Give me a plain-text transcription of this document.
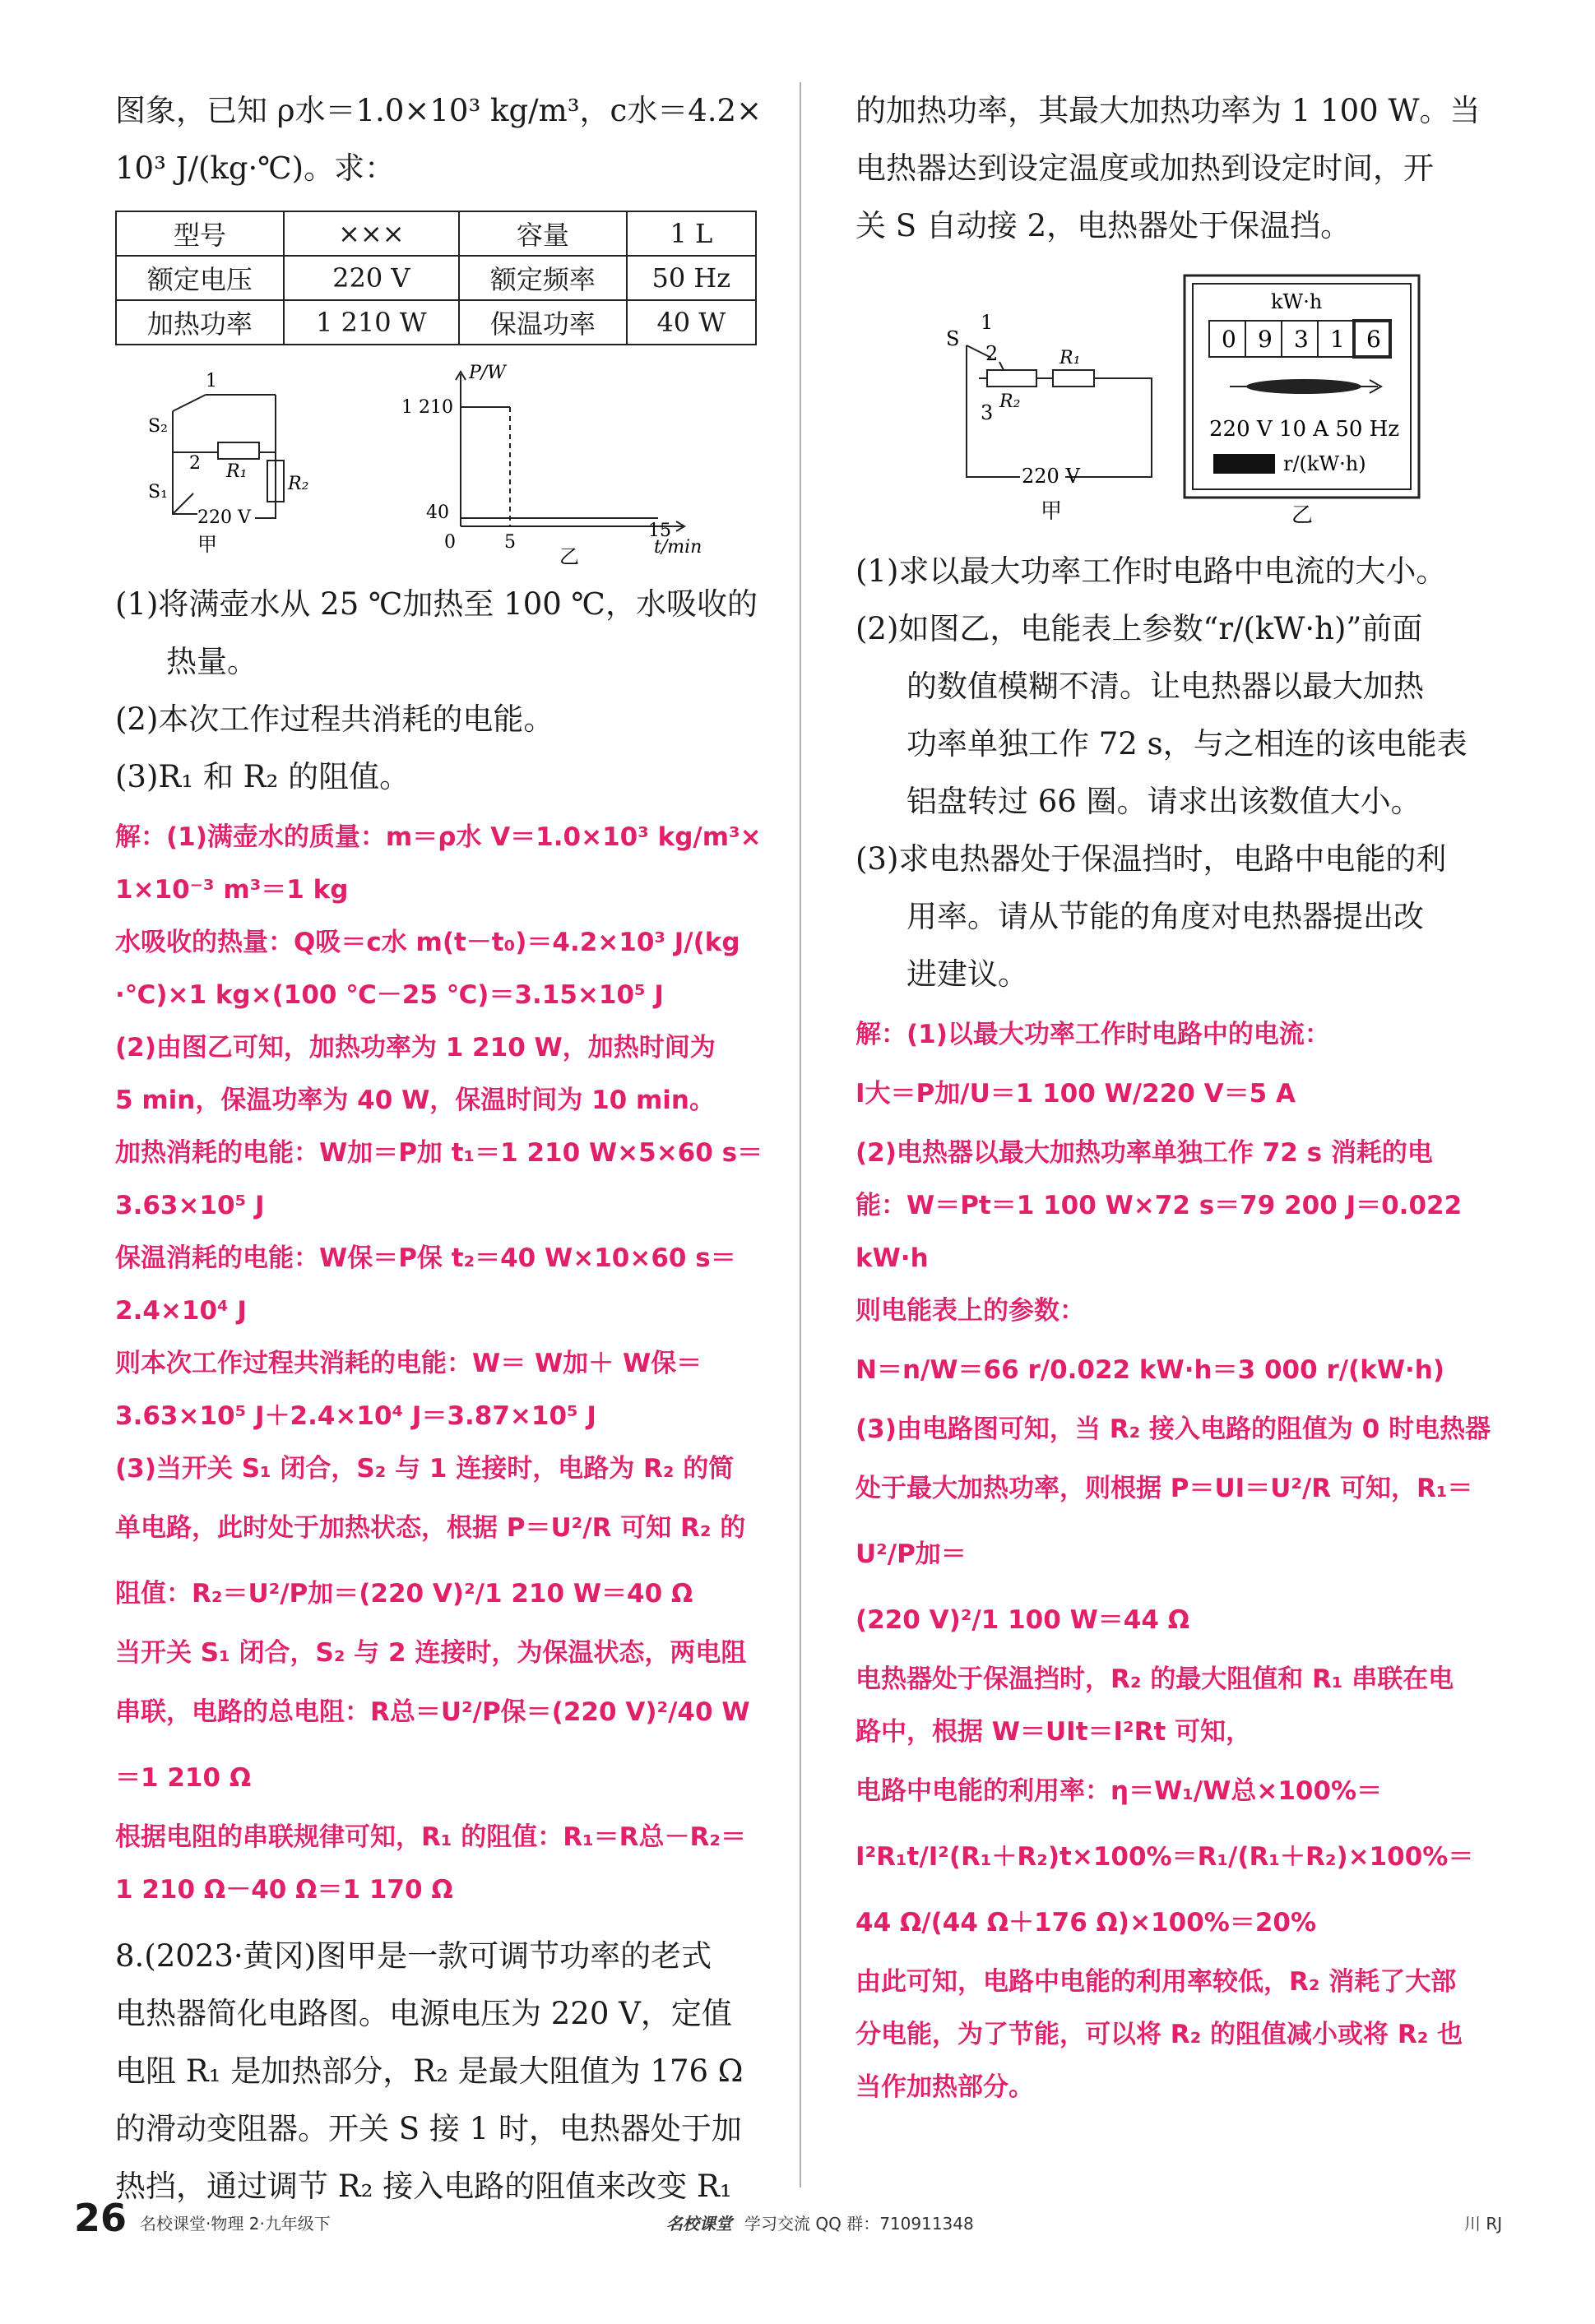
图象，已知 ρ水＝1.0×10³ kg/m³，c水＝4.2×

10³ J/(kg·℃)。求：

型号	×××	容量	1 L
额定电压	220 V	额定频率	50 Hz
加热功率	1 210 W	保温功率	40 W
1
2
S₂
S₁
R₁
R₂
220 V
甲
P/W
t/min
1 210
40
0	5
15
乙

(1)将满壶水从 25 ℃加热至 100 ℃，水吸收的

热量。

(2)本次工作过程共消耗的电能。

(3)R₁ 和 R₂ 的阻值。

解：(1)满壶水的质量：m＝ρ水 V＝1.0×10³ kg/m³×

1×10⁻³ m³＝1 kg

水吸收的热量：Q吸＝c水 m(t－t₀)＝4.2×10³ J/(kg

·℃)×1 kg×(100 ℃－25 ℃)＝3.15×10⁵ J

(2)由图乙可知，加热功率为 1 210 W，加热时间为

5 min，保温功率为 40 W，保温时间为 10 min。

加热消耗的电能：W加＝P加 t₁＝1 210 W×5×60 s＝

3.63×10⁵ J

保温消耗的电能：W保＝P保 t₂＝40 W×10×60 s＝

2.4×10⁴ J

则本次工作过程共消耗的电能：W＝ W加＋ W保＝

3.63×10⁵ J＋2.4×10⁴ J＝3.87×10⁵ J

(3)当开关 S₁ 闭合，S₂ 与 1 连接时，电路为 R₂ 的简

单电路，此时处于加热状态，根据 P＝U²/R 可知 R₂ 的

阻值：R₂＝U²/P加＝(220 V)²/1 210 W＝40 Ω

当开关 S₁ 闭合，S₂ 与 2 连接时，为保温状态，两电阻

串联，电路的总电阻：R总＝U²/P保＝(220 V)²/40 W＝1 210 Ω

根据电阻的串联规律可知，R₁ 的阻值：R₁＝R总－R₂＝

1 210 Ω－40 Ω＝1 170 Ω

8.(2023·黄冈)图甲是一款可调节功率的老式

电热器简化电路图。电源电压为 220 V，定值

电阻 R₁ 是加热部分，R₂ 是最大阻值为 176 Ω

的滑动变阻器。开关 S 接 1 时，电热器处于加

热挡，通过调节 R₂ 接入电路的阻值来改变 R₁

的加热功率，其最大加热功率为 1 100 W。当

电热器达到设定温度或加热到设定时间，开

关 S 自动接 2，电热器处于保温挡。

S
1
2
3
R₁
R₂
220 V
甲
kW·h
0 9 3 1 6
220 V 10 A 50 Hz
r/(kW·h)
乙

(1)求以最大功率工作时电路中电流的大小。

(2)如图乙，电能表上参数“r/(kW·h)”前面

的数值模糊不清。让电热器以最大加热

功率单独工作 72 s，与之相连的该电能表

铝盘转过 66 圈。请求出该数值大小。

(3)求电热器处于保温挡时，电路中电能的利

用率。请从节能的角度对电热器提出改

进建议。

解：(1)以最大功率工作时电路中的电流：

I大＝P加/U＝1 100 W/220 V＝5 A

(2)电热器以最大加热功率单独工作 72 s 消耗的电

能：W＝Pt＝1 100 W×72 s＝79 200 J＝0.022 kW·h

则电能表上的参数：

N＝n/W＝66 r/0.022 kW·h＝3 000 r/(kW·h)

(3)由电路图可知，当 R₂ 接入电路的阻值为 0 时电热器

处于最大加热功率，则根据 P＝UI＝U²/R 可知，R₁＝U²/P加＝

(220 V)²/1 100 W＝44 Ω

电热器处于保温挡时，R₂ 的最大阻值和 R₁ 串联在电

路中，根据 W＝UIt＝I²Rt 可知，

电路中电能的利用率：η＝W₁/W总×100%＝

I²R₁t/I²(R₁＋R₂)t×100%＝R₁/(R₁＋R₂)×100%＝

44 Ω/(44 Ω＋176 Ω)×100%＝20%

由此可知，电路中电能的利用率较低，R₂ 消耗了大部

分电能，为了节能，可以将 R₂ 的阻值减小或将 R₂ 也

当作加热部分。

26 名校课堂·物理 2·九年级下	名校课堂 学习交流 QQ 群：710911348	川 RJ
